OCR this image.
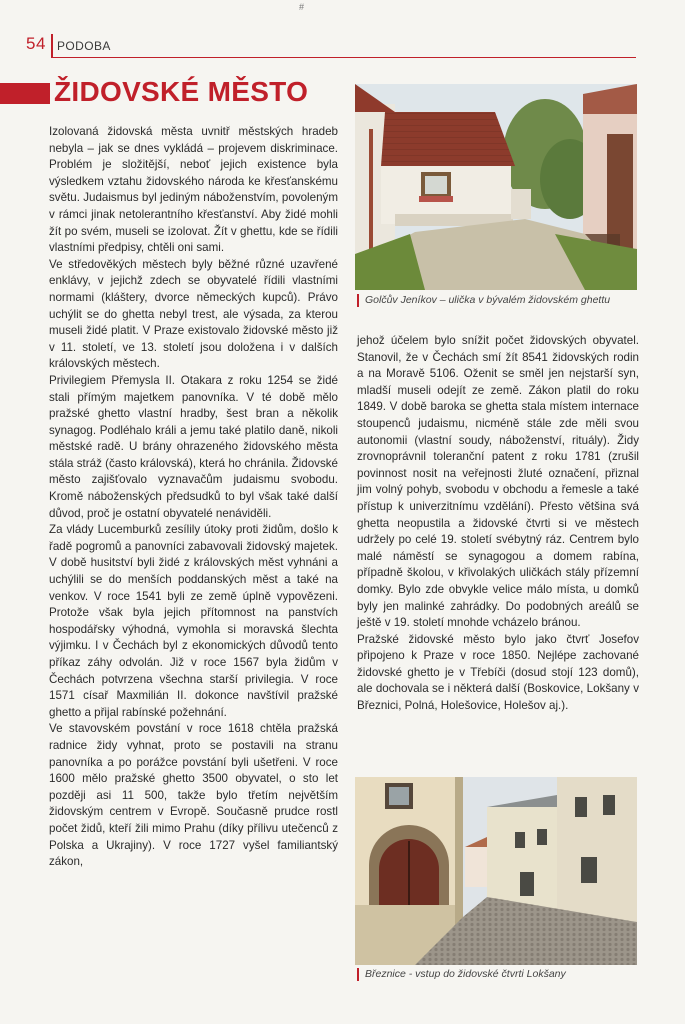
#
54 PODOBA
ŽIDOVSKÉ MĚSTO

Izolovaná židovská města uvnitř městských hradeb nebyla – jak se dnes vykládá – projevem diskriminace. Problém je složitější, neboť jejich existence byla výsledkem vztahu židovského národa ke křesťanskému světu. Judaismus byl jediným náboženstvím, povoleným v rámci jinak netolerantního křesťanství. Aby židé mohli žít po svém, museli se izolovat. Žít v ghettu, kde se řídili vlastními předpisy, chtěli oni sami.

Ve středověkých městech byly běžné různé uzavřené enklávy, v jejichž zdech se obyvatelé řídili vlastními normami (kláštery, dvorce německých kupců). Právo uchýlit se do ghetta nebyl trest, ale výsada, za kterou museli židé platit. V Praze existovalo židovské město již v 11. století, ve 13. století jsou doložena i v dalších královských městech.

Privilegiem Přemysla II. Otakara z roku 1254 se židé stali přímým majetkem panovníka. V té době mělo pražské ghetto vlastní hradby, šest bran a několik synagog. Podléhalo králi a jemu také platilo daně, nikoli městské radě. U brány ohrazeného židovského města stála stráž (často královská), která ho chránila. Židovské město zajišťovalo vyznavačům judaismu svobodu. Kromě náboženských předsudků to byl však také další důvod, proč je ostatní obyvatelé nenáviděli.

Za vlády Lucemburků zesílily útoky proti židům, došlo k řadě pogromů a panovníci zabavovali židovský majetek. V době husitství byli židé z královských měst vyhnáni a uchýlili se do menších poddanských měst a také na venkov. V roce 1541 byli ze země úplně vypovězeni. Protože však byla jejich přítomnost na panstvích hospodářsky výhodná, vymohla si moravská šlechta výjimku. I v Čechách byl z ekonomických důvodů tento příkaz záhy odvolán. Již v roce 1567 byla židům v Čechách potvrzena všechna starší privilegia. V roce 1571 císař Maxmilián II. dokonce navštívil pražské ghetto a přijal rabínské požehnání.

Ve stavovském povstání v roce 1618 chtěla pražská radnice židy vyhnat, proto se postavili na stranu panovníka a po porážce povstání byli ušetřeni. V roce 1600 mělo pražské ghetto 3500 obyvatel, o sto let později asi 11 500, takže bylo třetím největším židovským centrem v Evropě. Současně prudce rostl počet židů, kteří žili mimo Prahu (díky přílivu utečenců z Polska a Ukrajiny). V roce 1727 vyšel familiantský zákon,

Golčův Jeníkov – ulička v bývalém židovském ghettu

jehož účelem bylo snížit počet židovských obyvatel. Stanovil, že v Čechách smí žít 8541 židovských rodin a na Moravě 5106. Oženit se směl jen nejstarší syn, mladší museli odejít ze země. Zákon platil do roku 1849. V době baroka se ghetta stala místem internace stoupenců judaismu, nicméně stále zde měli svou autonomii (vlastní soudy, náboženství, rituály). Židy zrovnoprávnil toleranční patent z roku 1781 (zrušil povinnost nosit na veřejnosti žluté označení, přiznal jim volný pohyb, svobodu v obchodu a řemesle a také přístup k univerzitnímu vzdělání). Přesto většina svá ghetta neopustila a židovské čtvrti si ve městech udržely po celé 19. století svébytný ráz. Centrem bylo malé náměstí se synagogou a domem rabína, případně školou, v křivolakých uličkách stály přízemní domky. Bylo zde obvykle velice málo místa, u domků byly jen malinké zahrádky. Do podobných areálů se ještě v 19. století mnohde vcházelo bránou.

Pražské židovské město bylo jako čtvrť Josefov připojeno k Praze v roce 1850. Nejlépe zachované židovské ghetto je v Třebíči (dosud stojí 123 domů), ale dochovala se i některá další (Boskovice, Lokšany v Březnici, Polná, Holešovice, Holešov aj.).

Březnice - vstup do židovské čtvrti Lokšany
